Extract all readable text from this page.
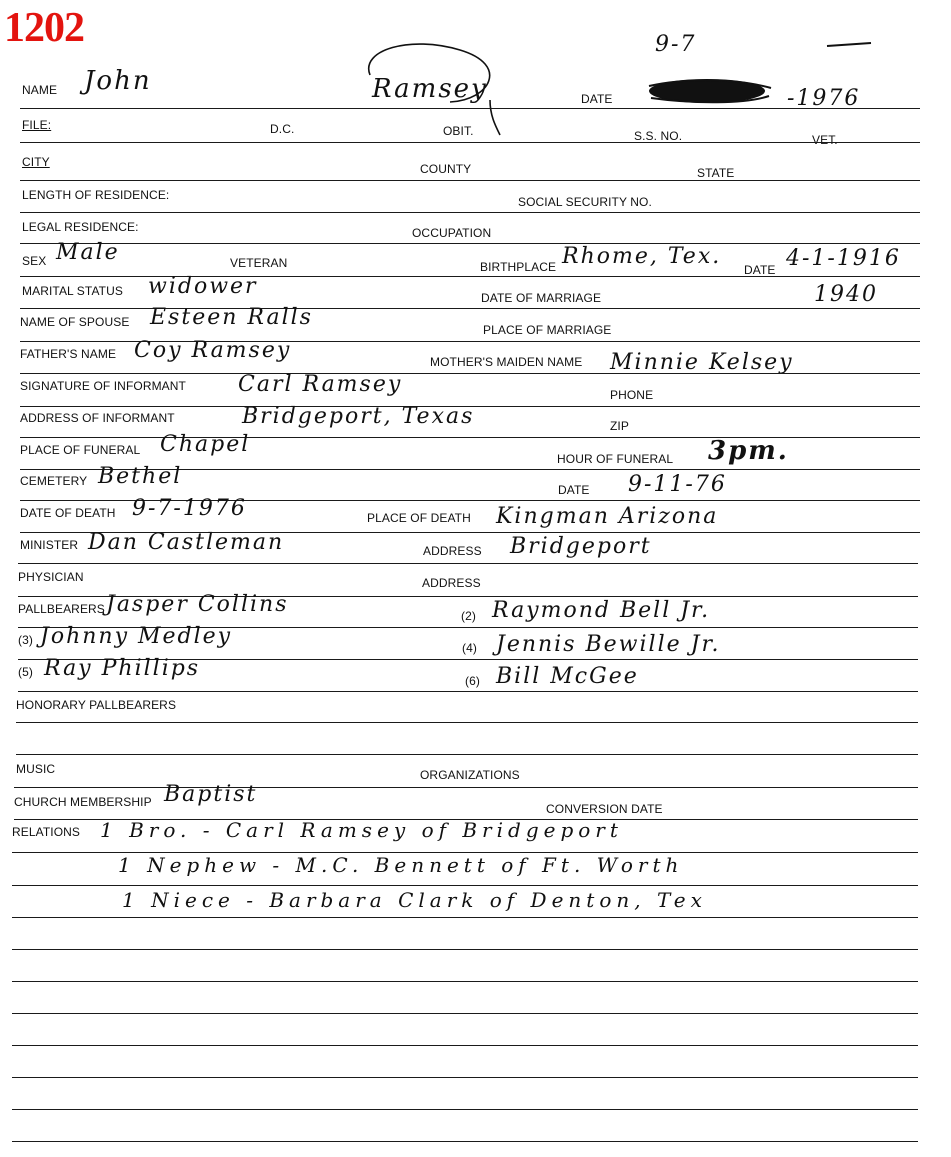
1202
NAME John	Ramsey	DATE
9-7
-1976
FILE:	D.C.	OBIT.	S.S. NO.	VET.
CITY	COUNTY	STATE
LENGTH OF RESIDENCE:	SOCIAL SECURITY NO.
LEGAL RESIDENCE:	OCCUPATION
SEX Male	VETERAN	BIRTHPLACE Rhome, Tex.
DATE 4-1-1916
MARITAL STATUS widower	DATE OF MARRIAGE	1940
NAME OF SPOUSE Esteen Ralls	PLACE OF MARRIAGE
FATHER'S NAME Coy Ramsey	MOTHER'S MAIDEN NAME Minnie Kelsey
SIGNATURE OF INFORMANT Carl Ramsey	PHONE
ADDRESS OF INFORMANT	Bridgeport, Texas	ZIP
PLACE OF FUNERAL Chapel
HOUR OF FUNERAL 3pm.
CEMETERY Bethel
DATE 9-11-76
DATE OF DEATH 9-7-1976	PLACE OF DEATH Kingman Arizona
MINISTER Dan Castleman	ADDRESS Bridgeport
PHYSICIAN	ADDRESS
PALLBEARERS Jasper Collins	(2) Raymond Bell Jr.
(3) Johnny Medley	(4) Jennis Bewille Jr.
(5) Ray Phillips	(6) Bill McGee
HONORARY PALLBEARERS
MUSIC	ORGANIZATIONS
CHURCH MEMBERSHIP Baptist
CONVERSION DATE
RELATIONS 1 Bro. - Carl Ramsey of Bridgeport
1 Nephew - M.C. Bennett of Ft. Worth
1 Niece - Barbara Clark of Denton, Tex
